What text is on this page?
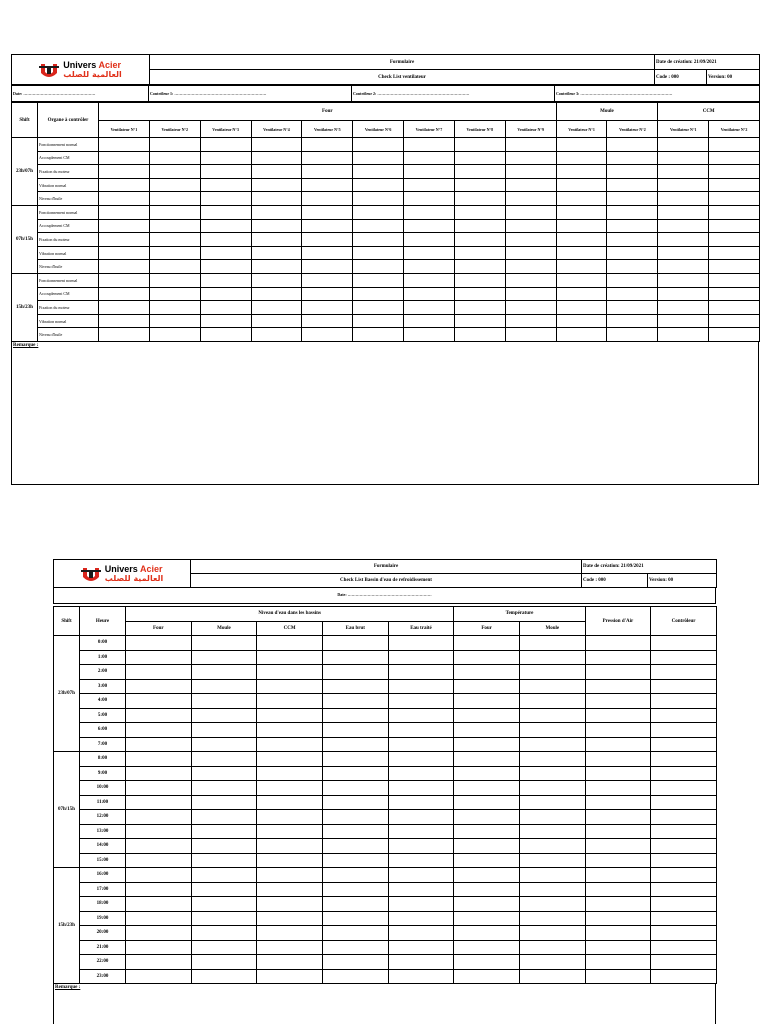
Univers Acier
العالمية للصلب	Formulaire	Date de création: 21/09/2021	
	Check List ventilateur	Code : 000	Version: 00
Date: ………………………………………………	Contrôleur 1: ……………………………………………………………	Contrôleur 2: ……………………………………………………………	Contrôleur 3: ……………………………………………………………
Shift	Organe à contrôler	Four									Moule		CCM	
		Ventilateur N°1	Ventilateur N°2	Ventilateur N°3	Ventilateur N°4	Ventilateur N°5	Ventilateur N°6	Ventilateur N°7	Ventilateur N°8	Ventilateur N°9	Ventilateur N°1	Ventilateur N°2	Ventilateur N°1	Ventilateur N°2
23h/07h	Fonctionnement normal													
	Accouplement CM													
	Fixation du moteur													
	Vibration normal													
	Niveau d'huile													
07h/15h	Fonctionnement normal													
	Accouplement CM													
	Fixation du moteur													
	Vibration normal													
	Niveau d'huile													
15h/23h	Fonctionnement normal													
	Accouplement CM													
	Fixation du moteur													
	Vibration normal													
	Niveau d'huile													
Remarque :
Univers Acier
العالمية للصلب	Formulaire	Date de création: 21/09/2021	
	Check List Bassin d'eau de refroidissement	Code : 000	Version: 00
Date: ………………………………………………………
Shift	Heure	Niveau d'eau dans les bassins					Température		Pression d'Air	Contrôleur
		Four	Moule	CCM	Eau brut	Eau traité	Four	Moule		
23h/07h	0:00									
	1:00									
	2:00									
	3:00									
	4:00									
	5:00									
	6:00									
	7:00									
07h/15h	8:00									
	9:00									
	10:00									
	11:00									
	12:00									
	13:00									
	14:00									
	15:00									
15h/23h	16:00									
	17:00									
	18:00									
	19:00									
	20:00									
	21:00									
	22:00									
	23:00									
Remarque :
